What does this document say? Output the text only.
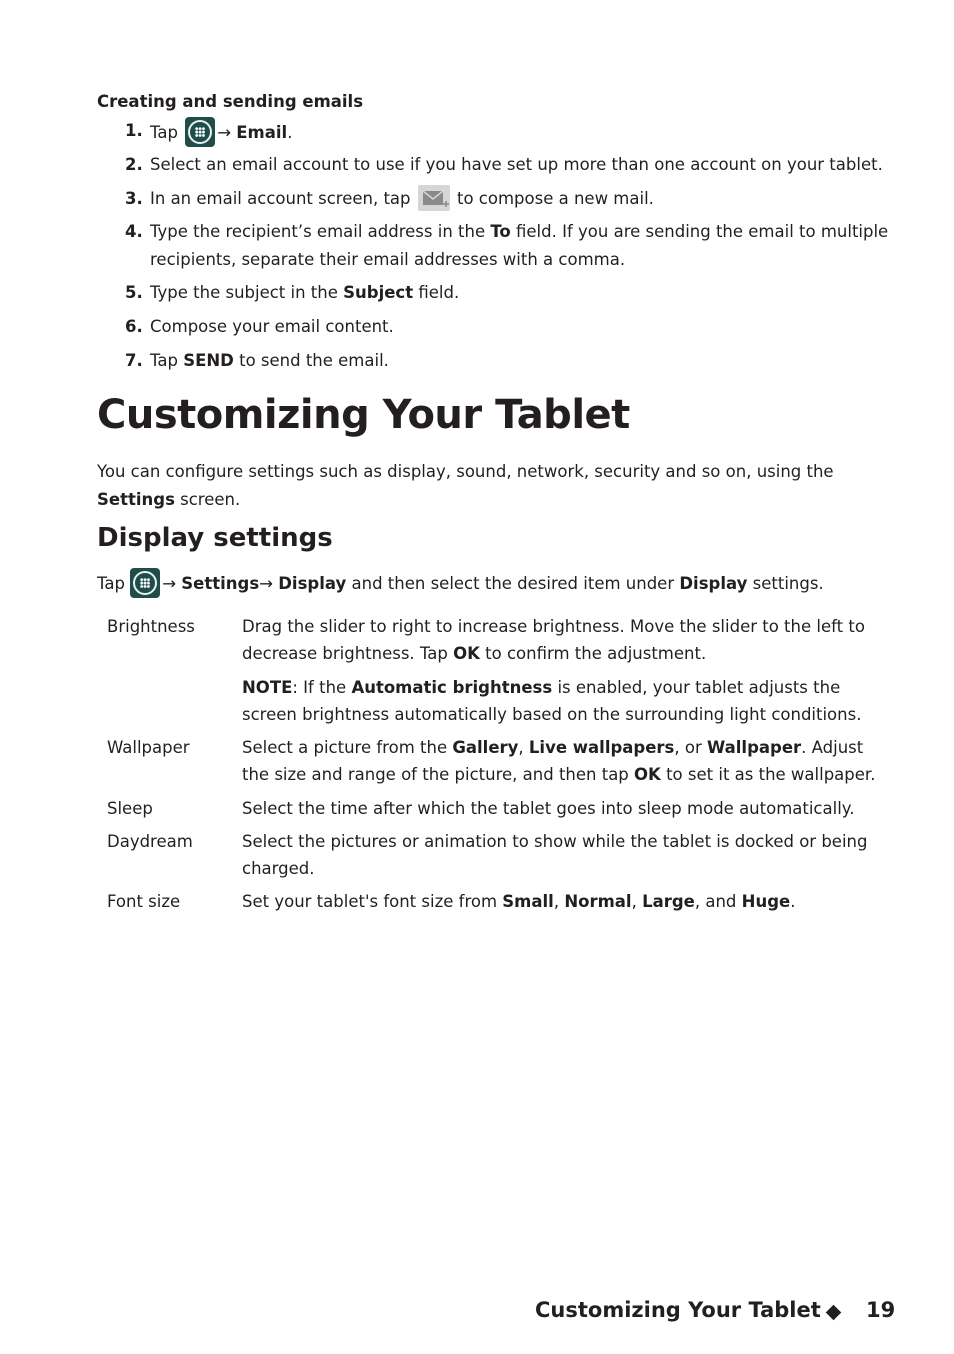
Creating and sending emails
1. Tap
→ Email.
2. Select an email account to use if you have set up more than one account on your tablet.
3. In an email account screen, tap
to compose a new mail.
4. Type the recipient’s email address in the To field. If you are sending the email to multiple recipients, separate their email addresses with a comma.
5. Type the subject in the Subject field.
6. Compose your email content.
7. Tap SEND to send the email.
Customizing Your Tablet
You can configure settings such as display, sound, network, security and so on, using the Settings screen.
Display settings
Tap
→ Settings→ Display and then select the desired item under Display settings.
Brightness	Drag the slider to right to increase brightness. Move the slider to the left to decrease brightness. Tap OK to confirm the adjustment.
NOTE: If the Automatic brightness is enabled, your tablet adjusts the screen brightness automatically based on the surrounding light conditions.
Wallpaper	Select a picture from the Gallery, Live wallpapers, or Wallpaper. Adjust the size and range of the picture, and then tap OK to set it as the wallpaper.
Sleep	Select the time after which the tablet goes into sleep mode automatically.
Daydream	Select the pictures or animation to show while the tablet is docked or being charged.
Font size	Set your tablet's font size from Small, Normal, Large, and Huge.
Customizing Your Tablet 19
